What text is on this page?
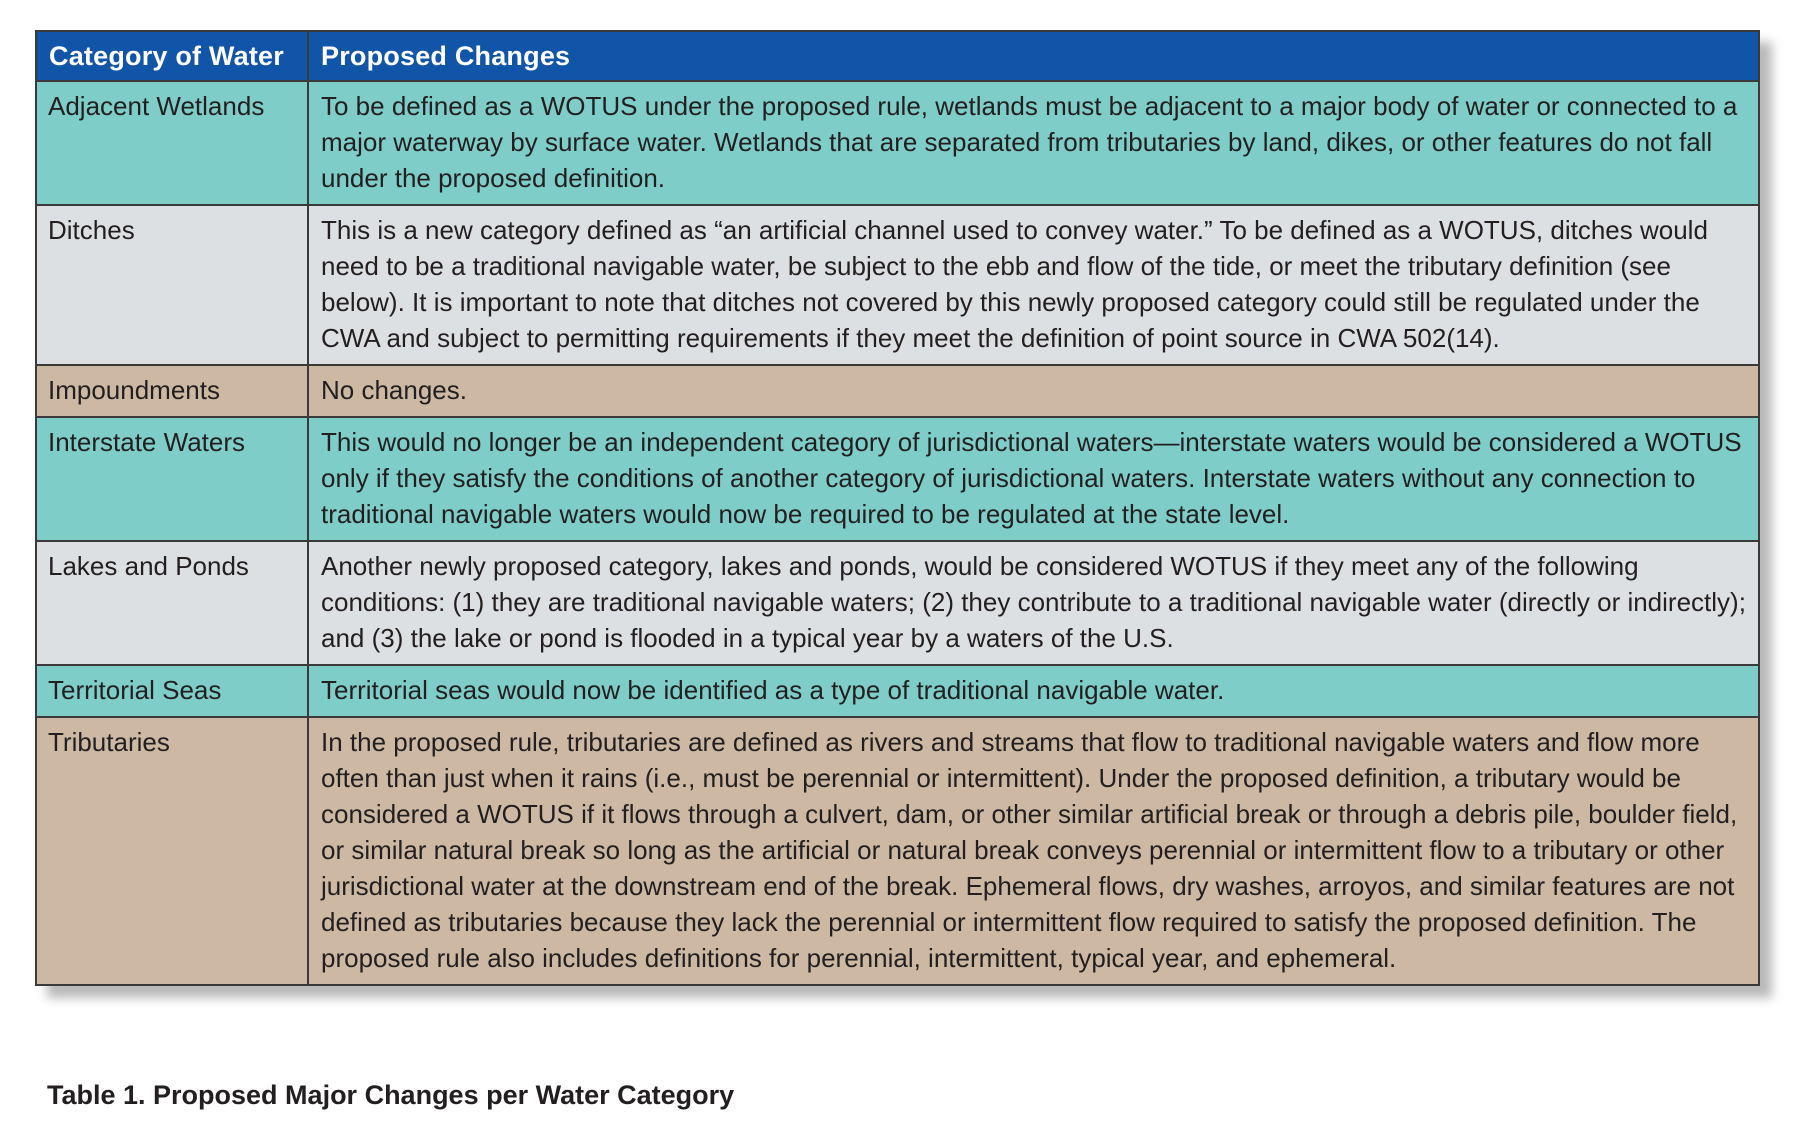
Category of Water	Proposed Changes
Adjacent Wetlands	To be defined as a WOTUS under the proposed rule, wetlands must be adjacent to a major body of water or connected to a major waterway by surface water. Wetlands that are separated from tributaries by land, dikes, or other features do not fall under the proposed definition.
Ditches	This is a new category defined as “an artificial channel used to convey water.” To be defined as a WOTUS, ditches would need to be a traditional navigable water, be subject to the ebb and flow of the tide, or meet the tributary definition (see below). It is important to note that ditches not covered by this newly proposed category could still be regulated under the CWA and subject to permitting requirements if they meet the definition of point source in CWA 502(14).
Impoundments	No changes.
Interstate Waters	This would no longer be an independent category of jurisdictional waters—interstate waters would be considered a WOTUS only if they satisfy the conditions of another category of jurisdictional waters. Interstate waters without any connection to traditional navigable waters would now be required to be regulated at the state level.
Lakes and Ponds	Another newly proposed category, lakes and ponds, would be considered WOTUS if they meet any of the following conditions: (1) they are traditional navigable waters; (2) they contribute to a traditional navigable water (directly or indirectly); and (3) the lake or pond is flooded in a typical year by a waters of the U.S.
Territorial Seas	Territorial seas would now be identified as a type of traditional navigable water.
Tributaries	In the proposed rule, tributaries are defined as rivers and streams that flow to traditional navigable waters and flow more often than just when it rains (i.e., must be perennial or intermittent). Under the proposed definition, a tributary would be considered a WOTUS if it flows through a culvert, dam, or other similar artificial break or through a debris pile, boulder field, or similar natural break so long as the artificial or natural break conveys perennial or intermittent flow to a tributary or other jurisdictional water at the downstream end of the break. Ephemeral flows, dry washes, arroyos, and similar features are not defined as tributaries because they lack the perennial or intermittent flow required to satisfy the proposed definition. The proposed rule also includes definitions for perennial, intermittent, typical year, and ephemeral.
Table 1. Proposed Major Changes per Water Category
